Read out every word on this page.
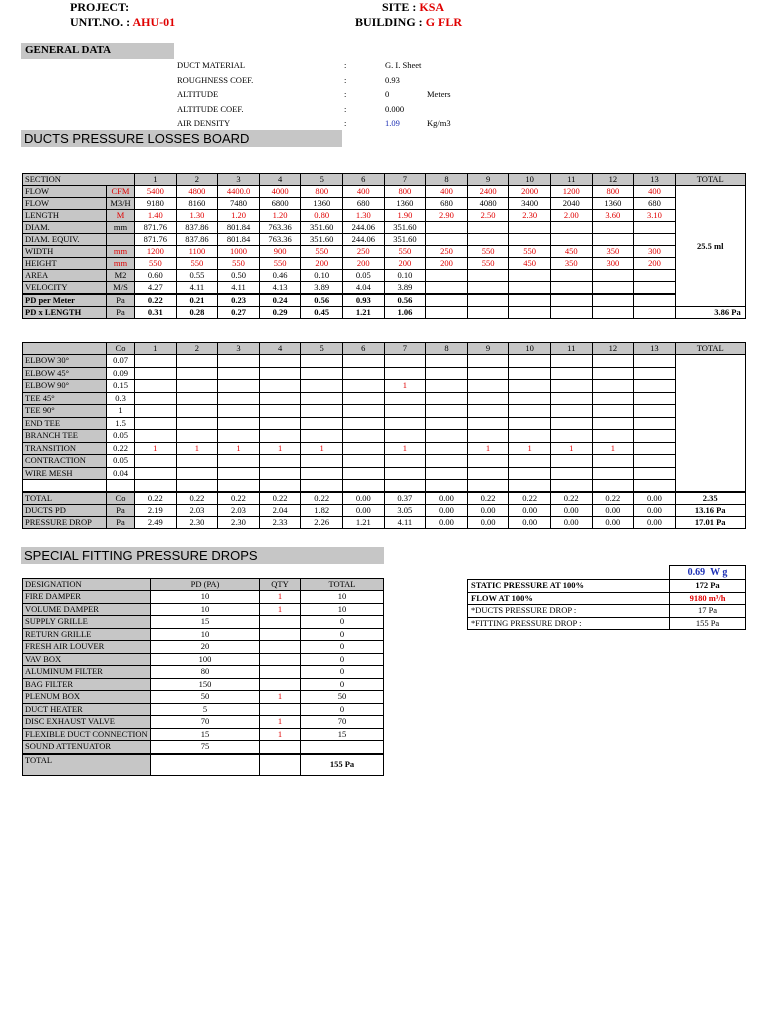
PROJECT:
UNIT.NO. : AHU-01
SITE : KSA
BUILDING : G FLR
GENERAL DATA
DUCT MATERIAL	:	G. I. Sheet
ROUGHNESS COEF.	:	0.93
ALTITUDE	:	0	Meters
ALTITUDE COEF.	:	0.000
AIR DENSITY	:	1.09	Kg/m3
DUCTS PRESSURE LOSSES BOARD
SECTION		1	2	3	4	5	6	7	8	9	10	11	12	13	TOTAL
FLOW	CFM	5400	4800	4400.0	4000	800	400	800	400	2400	2000	1200	800	400	25.5 ml
FLOW	M3/H	9180	8160	7480	6800	1360	680	1360	680	4080	3400	2040	1360	680	
LENGTH	M	1.40	1.30	1.20	1.20	0.80	1.30	1.90	2.90	2.50	2.30	2.00	3.60	3.10	
DIAM.	mm	871.76	837.86	801.84	763.36	351.60	244.06	351.60							
DIAM. EQUIV.		871.76	837.86	801.84	763.36	351.60	244.06	351.60							
WIDTH	mm	1200	1100	1000	900	550	250	550	250	550	550	450	350	300	
HEIGHT	mm	550	550	550	550	200	200	200	200	550	450	350	300	200	
AREA	M2	0.60	0.55	0.50	0.46	0.10	0.05	0.10							
VELOCITY	M/S	4.27	4.11	4.11	4.13	3.89	4.04	3.89							
PD per Meter	Pa	0.22	0.21	0.23	0.24	0.56	0.93	0.56							
PD x LENGTH	Pa	0.31	0.28	0.27	0.29	0.45	1.21	1.06							3.86 Pa
	Co	1	2	3	4	5	6	7	8	9	10	11	12	13	TOTAL
ELBOW 30°	0.07														
ELBOW 45°	0.09														
ELBOW 90°	0.15							1							
TEE 45°	0.3														
TEE 90°	1														
END TEE	1.5														
BRANCH TEE	0.05														
TRANSITION	0.22	1	1	1	1	1		1		1	1	1	1		
CONTRACTION	0.05														
WIRE MESH	0.04														

TOTAL	Co	0.22	0.22	0.22	0.22	0.22	0.00	0.37	0.00	0.22	0.22	0.22	0.22	0.00	2.35
DUCTS PD	Pa	2.19	2.03	2.03	2.04	1.82	0.00	3.05	0.00	0.00	0.00	0.00	0.00	0.00	13.16 Pa
PRESSURE DROP	Pa	2.49	2.30	2.30	2.33	2.26	1.21	4.11	0.00	0.00	0.00	0.00	0.00	0.00	17.01 Pa
SPECIAL FITTING PRESSURE DROPS
DESIGNATION	PD (PA)	QTY	TOTAL
FIRE DAMPER	10	1	10
VOLUME DAMPER	10	1	10
SUPPLY GRILLE	15		0
RETURN GRILLE	10		0
FRESH AIR LOUVER	20		0
VAV BOX	100		0
ALUMINUM FILTER	80		0
BAG FILTER	150		0
PLENUM BOX	50	1	50
DUCT HEATER	5		0
DISC EXHAUST VALVE	70	1	70
FLEXIBLE DUCT CONNECTION	15	1	15
SOUND ATTENUATOR	75		
TOTAL			155 Pa
	0.69 W g
STATIC PRESSURE AT 100%	172 Pa
FLOW AT 100%	9180 m³/h
*DUCTS PRESSURE DROP :	17 Pa
*FITTING PRESSURE DROP :	155 Pa
